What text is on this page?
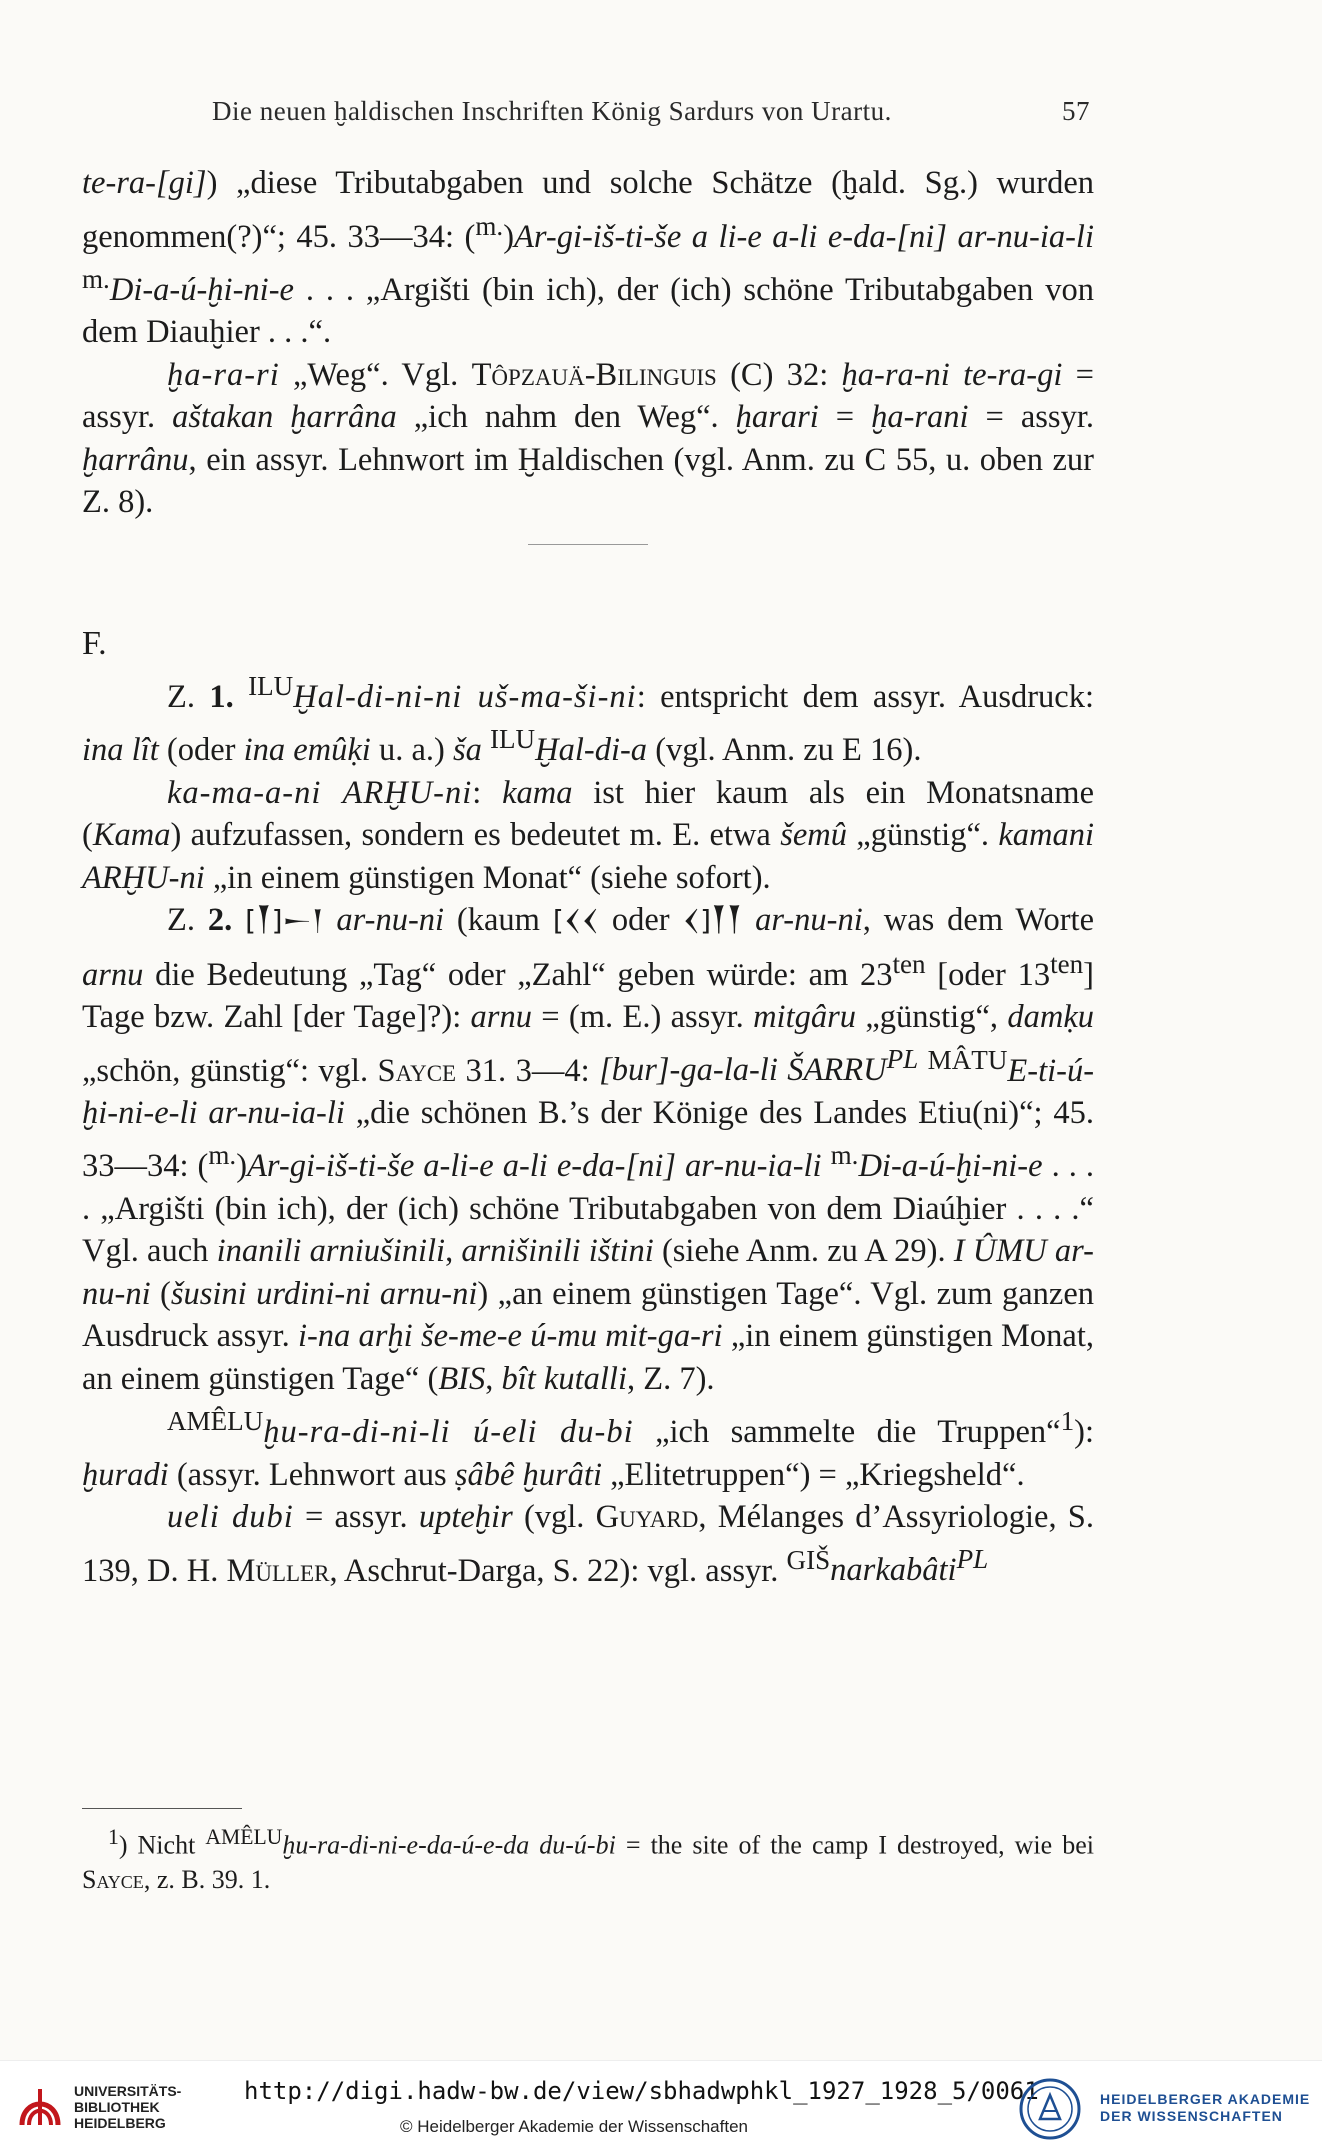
Die neuen ḫaldischen Inschriften König Sardurs von Urartu.	57

te-ra-[gi]) „diese Tributabgaben und solche Schätze (ḫald. Sg.) wurden genommen(?)“; 45. 33—34: ($^{m.}$)Ar-gi-iš-ti-še a li-e a-li e-da-[ni] ar-nu-ia-li $^{m.}$Di-a-ú-ḫi-ni-e . . . „Argišti (bin ich), der (ich) schöne Tributabgaben von dem Diauḫier . . .“.

ḫa-ra-ri „Weg“. Vgl. Tôpzauä-Bilinguis (C) 32: ḫa-ra-ni te-ra-gi = assyr. aštakan ḫarrâna „ich nahm den Weg“. ḫarari = ḫa-rani = assyr. ḫarrânu, ein assyr. Lehnwort im Ḫaldischen (vgl. Anm. zu C 55, u. oben zur Z. 8).

F.

Z. 1. $^{ILU}$Ḫal-di-ni-ni uš-ma-ši-ni: entspricht dem assyr. Ausdruck: ina lît (oder ina emûḳi u. a.) ša $^{ILU}$Ḫal-di-a (vgl. Anm. zu E 16).

ka-ma-a-ni ARḪU-ni: kama ist hier kaum als ein Monatsname (Kama) aufzufassen, sondern es bedeutet m. E. etwa šemû „günstig“. kamani ARḪU-ni „in einem günstigen Monat“ (siehe sofort).

Z. 2. [𒐕]𒀸𒁹 ar-nu-ni (kaum [𒌋𒌋 oder 𒌋]𒐕𒐕 ar-nu-ni, was dem Worte arnu die Bedeutung „Tag“ oder „Zahl“ geben würde: am $23^{ten}$ [oder $13^{ten}$] Tage bzw. Zahl [der Tage]?): arnu = (m. E.) assyr. mitgâru „günstig“, damḳu „schön, günstig“: vgl. Sayce 31. 3—4: [bur]-ga-la-li $ŠARRU^{PL}$ $^{MÂTU}$E-ti-ú-ḫi-ni-e-li ar-nu-ia-li „die schönen B.’s der Könige des Landes Etiu(ni)“; 45. 33—34: ($^{m.}$)Ar-gi-iš-ti-še a-li-e a-li e-da-[ni] ar-nu-ia-li $^{m.}$Di-a-ú-ḫi-ni-e . . . . „Argišti (bin ich), der (ich) schöne Tributabgaben von dem Diaúḫier . . . .“ Vgl. auch inanili arniušinili, arnišinili ištini (siehe Anm. zu A 29). I ÛMU ar-nu-ni (šusini urdini-ni arnu-ni) „an einem günstigen Tage“. Vgl. zum ganzen Ausdruck assyr. i-na arḫi še-me-e ú-mu mit-ga-ri „in einem günstigen Monat, an einem günstigen Tage“ (BIS, bît kutalli, Z. 7).

$^{AMÊLU}$ḫu-ra-di-ni-li ú-eli du-bi „ich sammelte die Truppen“$^1$): ḫuradi (assyr. Lehnwort aus ṣâbê ḫurâti „Elitetruppen“) = „Kriegsheld“.

ueli dubi = assyr. upteḫir (vgl. Guyard, Mélanges d’Assyriologie, S. 139, D. H. Müller, Aschrut-Darga, S. 22): vgl. assyr. $^{GIŠ}$narkabâti$^{PL}$

$^1$) Nicht $^{AMÊLU}$ḫu-ra-di-ni-e-da-ú-e-da du-ú-bi = the site of the camp I destroyed, wie bei Sayce, z. B. 39. 1.

UNIVERSITÄTS-
BIBLIOTHEK
HEIDELBERG
http://digi.hadw-bw.de/view/sbhadwphkl_1927_1928_5/0061
© Heidelberger Akademie der Wissenschaften
HEIDELBERGER AKADEMIE
DER WISSENSCHAFTEN
